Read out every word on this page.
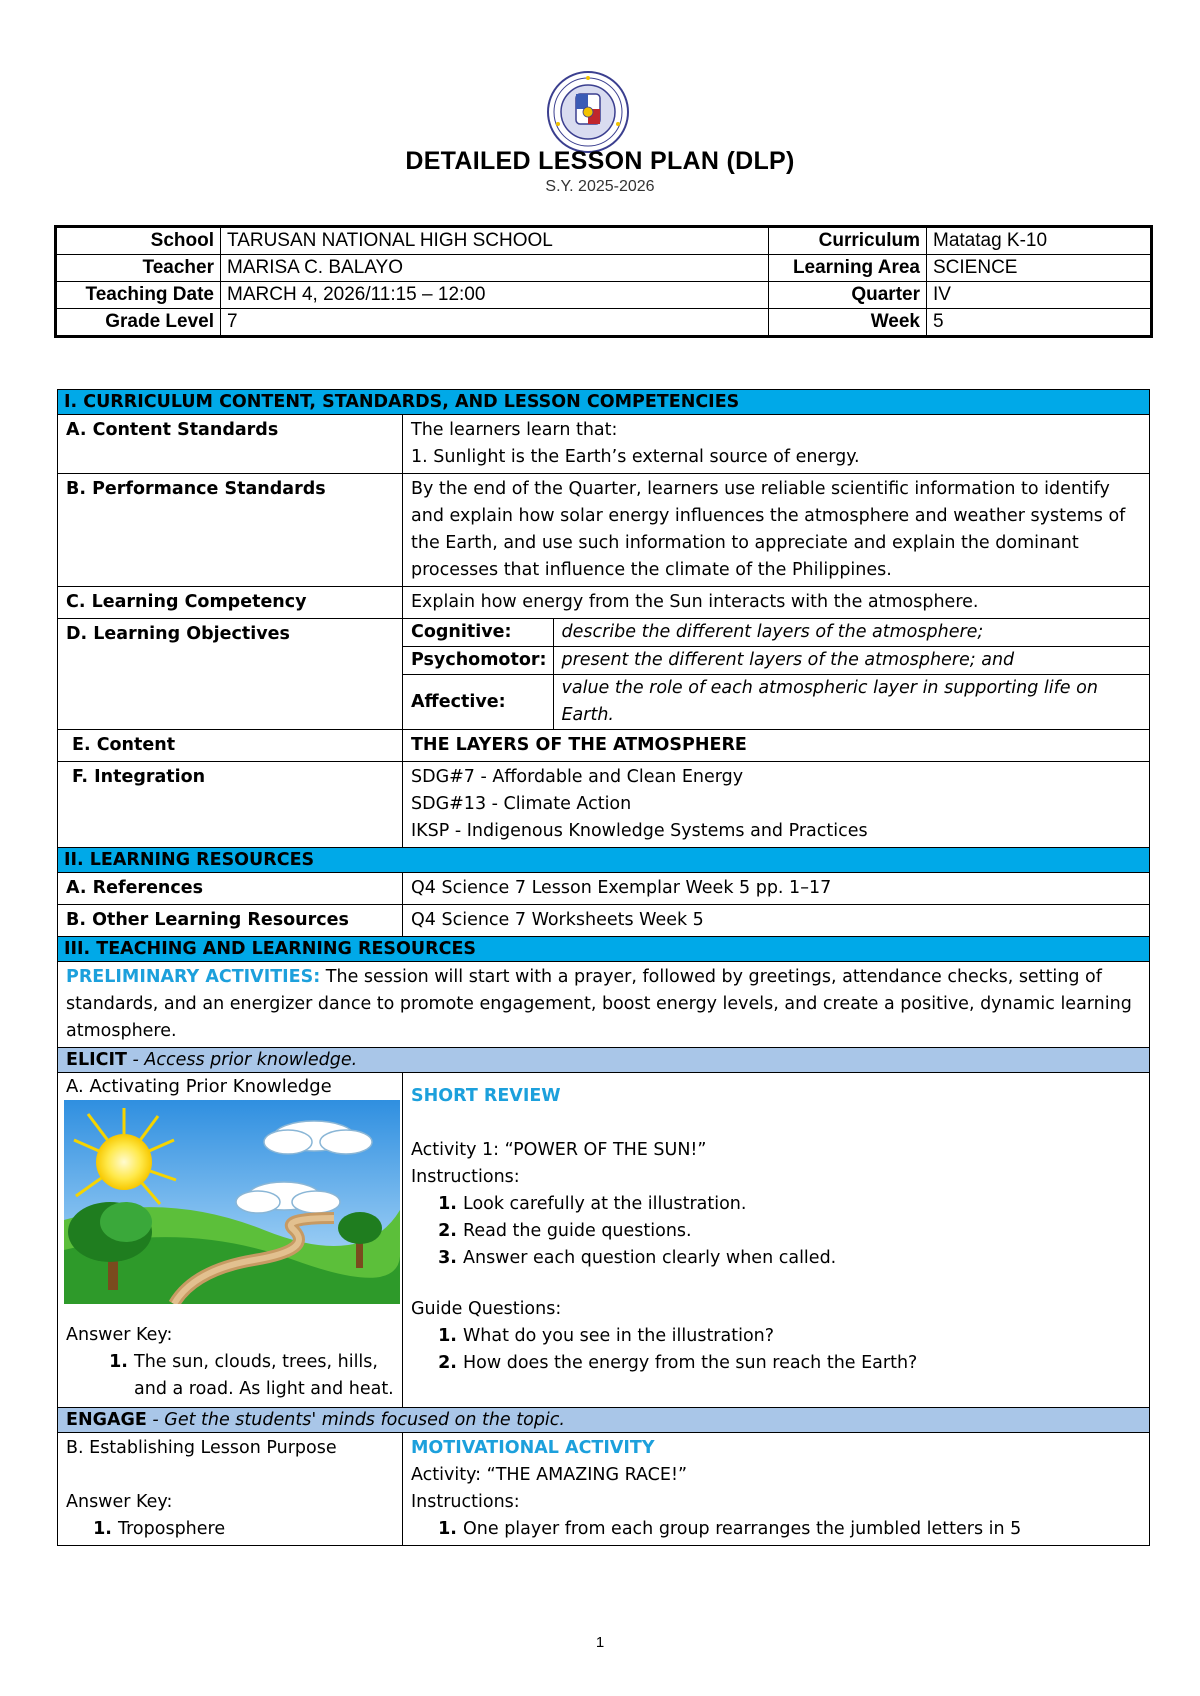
DETAILED LESSON PLAN (DLP)
S.Y. 2025-2026
School	TARUSAN NATIONAL HIGH SCHOOL	Curriculum	Matatag K-10
Teacher	MARISA C. BALAYO	Learning Area	SCIENCE
Teaching Date	MARCH 4, 2026/11:15 – 12:00	Quarter	IV
Grade Level	7	Week	5
I. CURRICULUM CONTENT, STANDARDS, AND LESSON COMPETENCIES
A. Content Standards	The learners learn that:
1. Sunlight is the Earth’s external source of energy.

B. Performance Standards	By the end of the Quarter, learners use reliable scientific information to identify and explain how solar energy influences the atmosphere and weather systems of the Earth, and use such information to appreciate and explain the dominant processes that influence the climate of the Philippines.
C. Learning Competency	Explain how energy from the Sun interacts with the atmosphere.
D. Learning Objectives		Cognitive:	describe the different layers of the atmosphere;
Psychomotor:	present the different layers of the atmosphere; and
Affective:	value the role of each atmospheric layer in supporting life on Earth.

E. Content	THE LAYERS OF THE ATMOSPHERE
F. Integration	SDG#7 - Affordable and Clean Energy
SDG#13 - Climate Action
IKSP - Indigenous Knowledge Systems and Practices

II. LEARNING RESOURCES
A. References	Q4 Science 7 Lesson Exemplar Week 5 pp. 1–17
B. Other Learning Resources	Q4 Science 7 Worksheets Week 5
III. TEACHING AND LEARNING RESOURCES
PRELIMINARY ACTIVITIES: The session will start with a prayer, followed by greetings, attendance checks, setting of standards, and an energizer dance to promote engagement, boost energy levels, and create a positive, dynamic learning atmosphere.
ELICIT - Access prior knowledge.

A. Activating Prior Knowledge
Answer Key:
1. The sun, clouds, trees, hills, and a road. As light and heat.

SHORT REVIEW
Activity 1: “POWER OF THE SUN!”
Instructions:
1. Look carefully at the illustration.
2. Read the guide questions.
3. Answer each question clearly when called.
Guide Questions:
1. What do you see in the illustration?
2. How does the energy from the sun reach the Earth?

ENGAGE - Get the students' minds focused on the topic.

B. Establishing Lesson Purpose
Answer Key:
1. Troposphere

MOTIVATIONAL ACTIVITY
Activity: “THE AMAZING RACE!”
Instructions:
1. One player from each group rearranges the jumbled letters in 5
1
